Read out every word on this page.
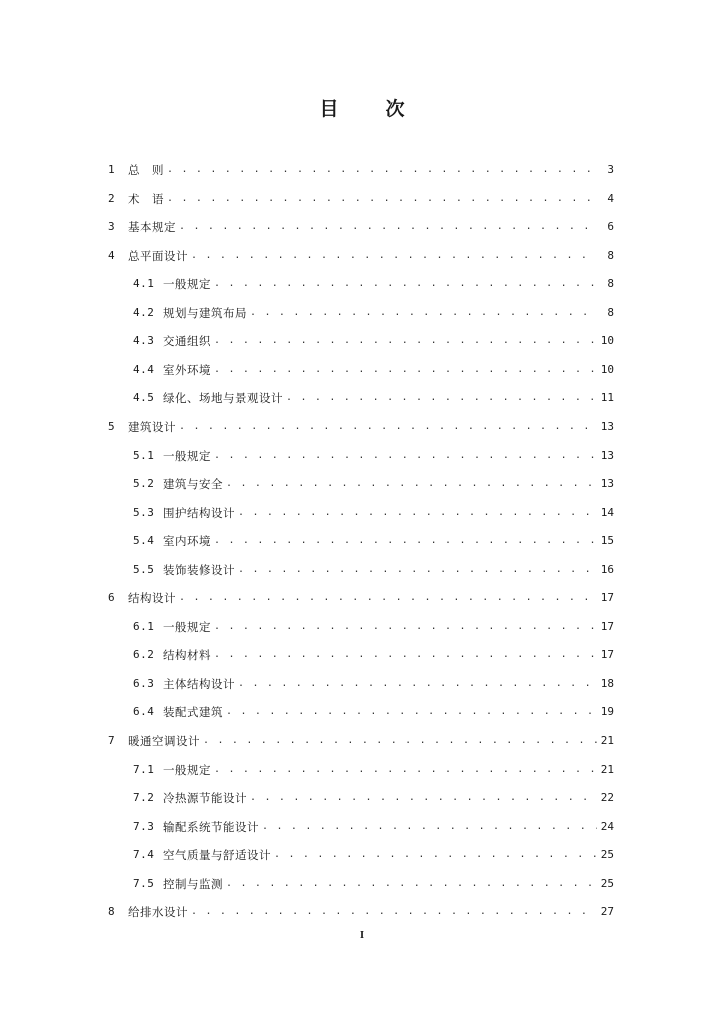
目　次
1	总　则 . . .	3
2	术　语 . . .	4
3	基本规定 . . .	6
4	总平面设计 . . .	8
4.1 一般规定 . . .	8
4.2 规划与建筑布局 . . .	8
4.3 交通组织 . . .	10
4.4 室外环境 . . .	10
4.5 绿化、场地与景观设计 . . .	11
5	建筑设计 . . .	13
5.1 一般规定 . . .	13
5.2 建筑与安全 . . .	13
5.3 围护结构设计 . . .	14
5.4 室内环境 . . .	15
5.5 装饰装修设计 . . .	16
6	结构设计 . . .	17
6.1 一般规定 . . .	17
6.2 结构材料 . . .	17
6.3 主体结构设计 . . .	18
6.4 装配式建筑 . . .	19
7	暖通空调设计 . . .	21
7.1 一般规定 . . .	21
7.2 冷热源节能设计 . . .	22
7.3 输配系统节能设计 . . .	24
7.4 空气质量与舒适设计 . . .	25
7.5 控制与监测 . . .	25
8	给排水设计 . . .	27
I
